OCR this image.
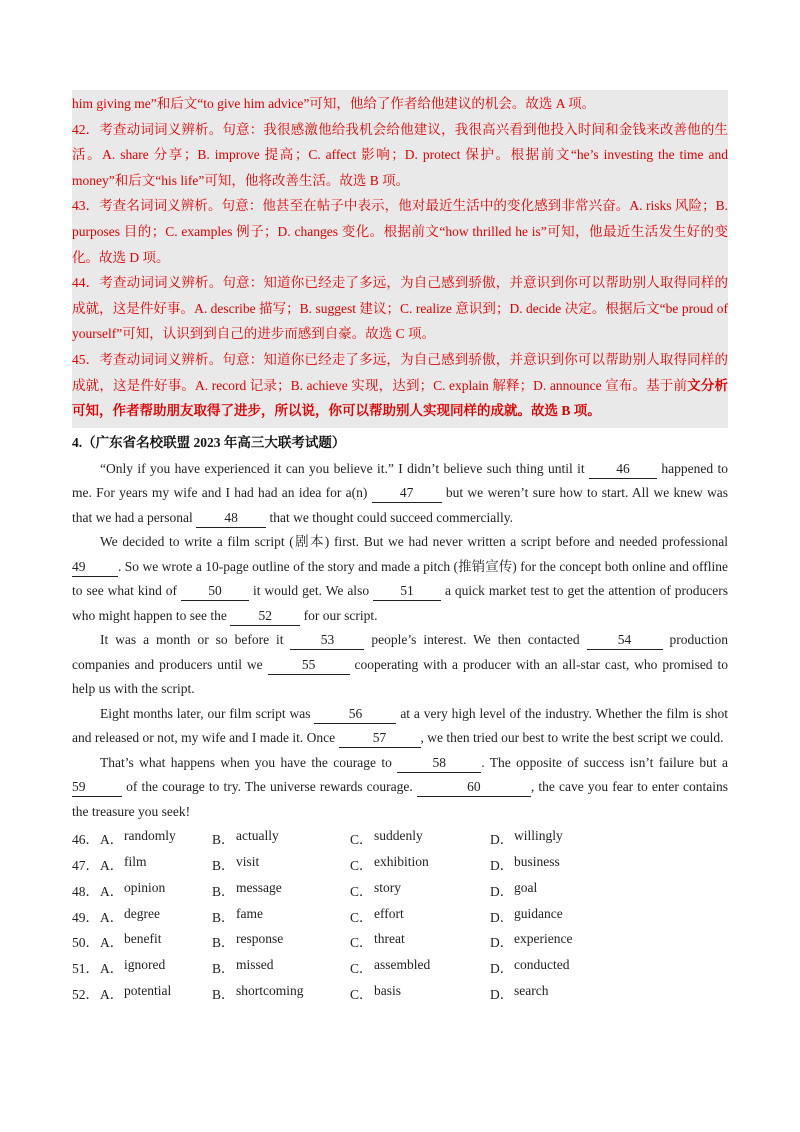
him giving me”和后文“to give him advice”可知，他给了作者给他建议的机会。故选 A 项。

42．考查动词词义辨析。句意：我很感激他给我机会给他建议，我很高兴看到他投入时间和金钱来改善他的生活。A. share 分享；B. improve 提高；C. affect 影响；D. protect 保护。根据前文“he’s investing the time and money”和后文“his life”可知，他将改善生活。故选 B 项。

43．考查名词词义辨析。句意：他甚至在帖子中表示，他对最近生活中的变化感到非常兴奋。A. risks 风险；B. purposes 目的；C. examples 例子；D. changes 变化。根据前文“how thrilled he is”可知，他最近生活发生好的变化。故选 D 项。

44．考查动词词义辨析。句意：知道你已经走了多远，为自己感到骄傲，并意识到你可以帮助别人取得同样的成就，这是件好事。A. describe 描写；B. suggest 建议；C. realize 意识到；D. decide 决定。根据后文“be proud of yourself”可知，认识到到自己的进步而感到自豪。故选 C 项。

45．考查动词词义辨析。句意：知道你已经走了多远，为自己感到骄傲，并意识到你可以帮助别人取得同样的成就，这是件好事。A. record 记录；B. achieve 实现，达到；C. explain 解释；D. announce 宣布。基于前文分析可知，作者帮助朋友取得了进步，所以说，你可以帮助别人实现同样的成就。故选 B 项。

4.（广东省名校联盟 2023 年高三大联考试题）

“Only if you have experienced it can you believe it.” I didn’t believe such thing until it 46 happened to me. For years my wife and I had had an idea for a(n) 47 but we weren’t sure how to start. All we knew was that we had a personal 48 that we thought could succeed commercially.

We decided to write a film script (剧本) first. But we had never written a script before and needed professional 49 . So we wrote a 10-page outline of the story and made a pitch (推销宣传) for the concept both online and offline to see what kind of 50 it would get. We also 51 a quick market test to get the attention of producers who might happen to see the 52 for our script.

It was a month or so before it 53 people’s interest. We then contacted 54 production companies and producers until we	55	cooperating with a producer with an all-star cast, who promised to help us with the script.

Eight months later, our film script was	56	at a very high level of the industry. Whether the film is shot and released or not, my wife and I made it. Once	57	, we then tried our best to write the best script we could.

That’s what happens when you have the courage to	58	. The opposite of success isn’t failure but a 59	of the courage to try. The universe rewards courage.	60	, the cave you fear to enter contains the treasure you seek!

46． A． randomly	B． actually	C． suddenly	D． willingly
47． A． film	B． visit	C． exhibition	D． business
48． A． opinion	B． message	C． story	D． goal
49． A． degree	B． fame	C． effort	D． guidance
50． A． benefit	B． response	C． threat	D． experience
51． A． ignored	B． missed	C． assembled	D． conducted
52． A． potential	B． shortcoming	C． basis	D． search
